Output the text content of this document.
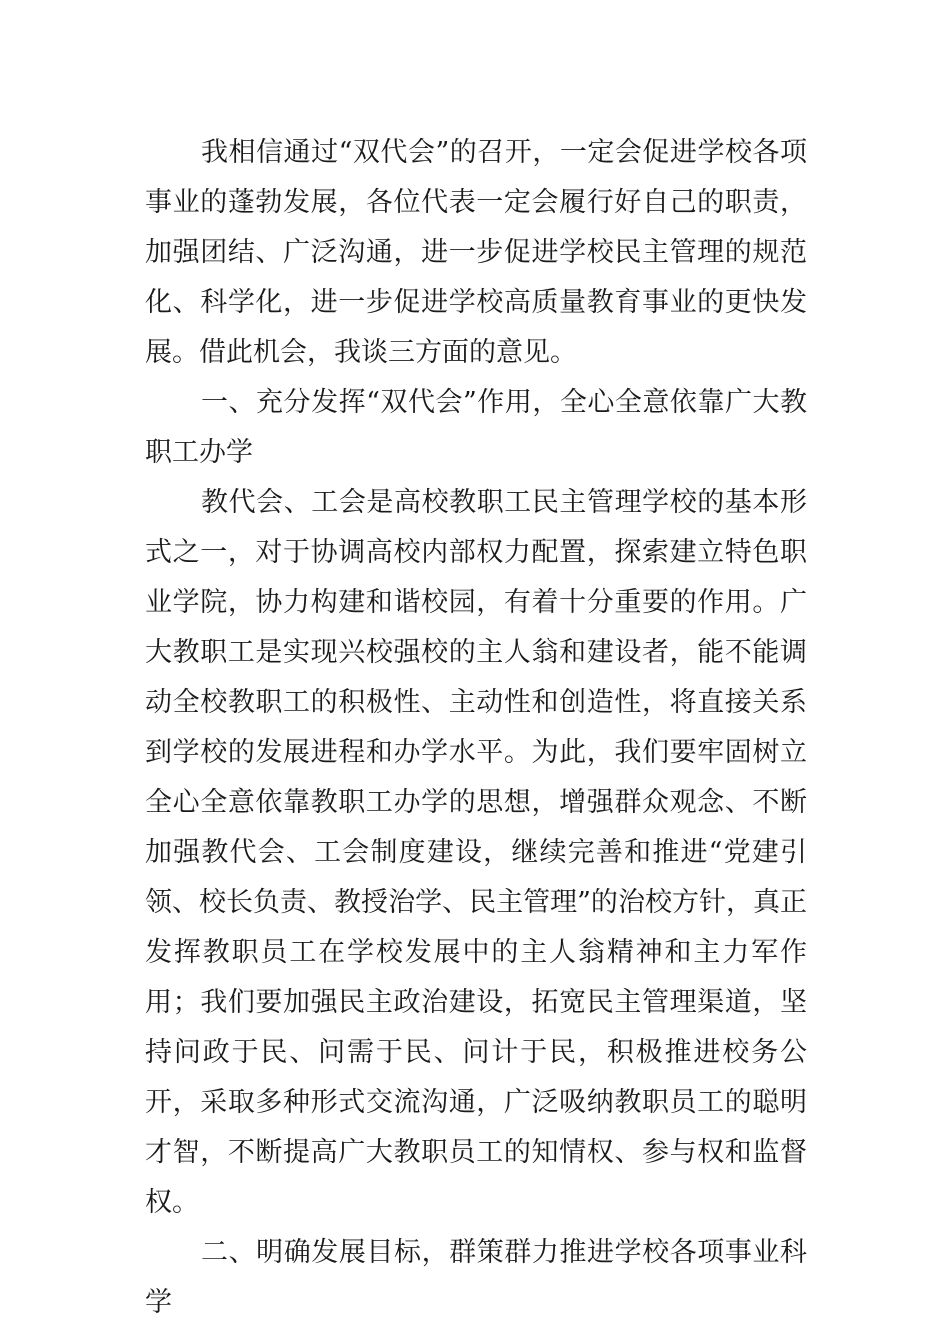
我相信通过“双代会”的召开，一定会促进学校各项事业的蓬勃发展，各位代表一定会履行好自己的职责，加强团结、广泛沟通，进一步促进学校民主管理的规范化、科学化，进一步促进学校高质量教育事业的更快发展。借此机会，我谈三方面的意见。

一、充分发挥“双代会”作用，全心全意依靠广大教职工办学

教代会、工会是高校教职工民主管理学校的基本形式之一，对于协调高校内部权力配置，探索建立特色职业学院，协力构建和谐校园，有着十分重要的作用。广大教职工是实现兴校强校的主人翁和建设者，能不能调动全校教职工的积极性、主动性和创造性，将直接关系到学校的发展进程和办学水平。为此，我们要牢固树立全心全意依靠教职工办学的思想，增强群众观念、不断加强教代会、工会制度建设，继续完善和推进“党建引领、校长负责、教授治学、民主管理”的治校方针，真正发挥教职员工在学校发展中的主人翁精神和主力军作用；我们要加强民主政治建设，拓宽民主管理渠道，坚持问政于民、问需于民、问计于民，积极推进校务公开，采取多种形式交流沟通，广泛吸纳教职员工的聪明才智，不断提高广大教职员工的知情权、参与权和监督权。

二、明确发展目标，群策群力推进学校各项事业科学
